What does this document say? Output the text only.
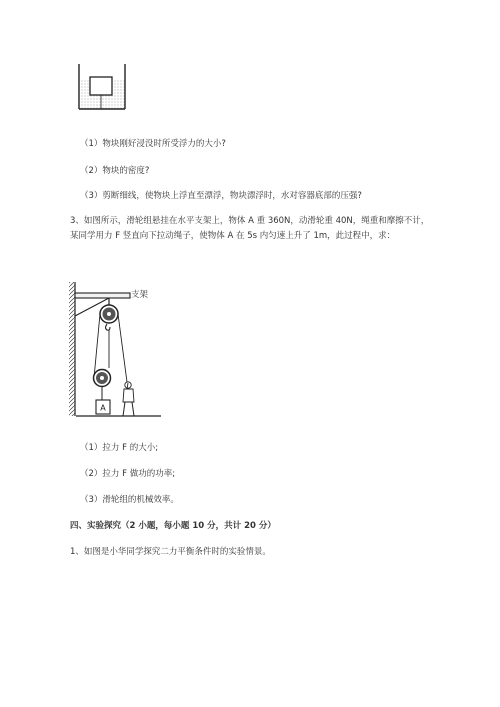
（1）物块刚好浸没时所受浮力的大小?
（2）物块的密度?
（3）剪断细线，使物块上浮直至漂浮，物块漂浮时，水对容器底部的压强?
3、如图所示，滑轮组悬挂在水平支架上，物体 A 重 360N，动滑轮重 40N，绳重和摩擦不计，某同学用力 F 竖直向下拉动绳子，使物体 A 在 5s 内匀速上升了 1m，此过程中，求：
A
支架
（1）拉力 F 的大小;
（2）拉力 F 做功的功率;
（3）滑轮组的机械效率。
四、实验探究（2 小题，每小题 10 分，共计 20 分）
1、如图是小华同学探究二力平衡条件时的实验情景。
